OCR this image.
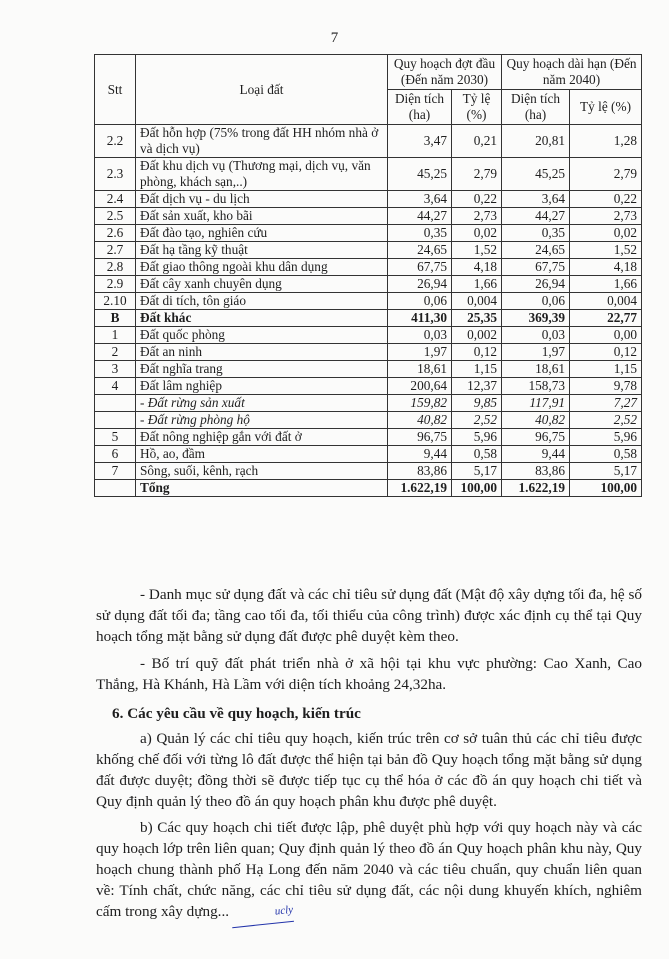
7
Stt	Loại đất	Quy hoạch đợt đầu (Đến năm 2030)		Quy hoạch dài hạn (Đến năm 2040)	
		Diện tích (ha)	Tỷ lệ (%)	Diện tích (ha)	Tỷ lệ (%)
2.2	Đất hỗn hợp (75% trong đất HH nhóm nhà ở và dịch vụ)	3,47	0,21	20,81	1,28
2.3	Đất khu dịch vụ (Thương mại, dịch vụ, văn phòng, khách sạn,..)	45,25	2,79	45,25	2,79
2.4	Đất dịch vụ - du lịch	3,64	0,22	3,64	0,22
2.5	Đất sản xuất, kho bãi	44,27	2,73	44,27	2,73
2.6	Đất đào tạo, nghiên cứu	0,35	0,02	0,35	0,02
2.7	Đất hạ tầng kỹ thuật	24,65	1,52	24,65	1,52
2.8	Đất giao thông ngoài khu dân dụng	67,75	4,18	67,75	4,18
2.9	Đất cây xanh chuyên dụng	26,94	1,66	26,94	1,66
2.10	Đất di tích, tôn giáo	0,06	0,004	0,06	0,004
B	Đất khác	411,30	25,35	369,39	22,77
1	Đất quốc phòng	0,03	0,002	0,03	0,00
2	Đất an ninh	1,97	0,12	1,97	0,12
3	Đất nghĩa trang	18,61	1,15	18,61	1,15
4	Đất lâm nghiệp	200,64	12,37	158,73	9,78
	- Đất rừng sản xuất	159,82	9,85	117,91	7,27
	- Đất rừng phòng hộ	40,82	2,52	40,82	2,52
5	Đất nông nghiệp gắn với đất ở	96,75	5,96	96,75	5,96
6	Hồ, ao, đầm	9,44	0,58	9,44	0,58
7	Sông, suối, kênh, rạch	83,86	5,17	83,86	5,17
	Tổng	1.622,19	100,00	1.622,19	100,00

- Danh mục sử dụng đất và các chỉ tiêu sử dụng đất (Mật độ xây dựng tối đa, hệ số sử dụng đất tối đa; tầng cao tối đa, tối thiểu của công trình) được xác định cụ thể tại Quy hoạch tổng mặt bằng sử dụng đất được phê duyệt kèm theo.

- Bố trí quỹ đất phát triển nhà ở xã hội tại khu vực phường: Cao Xanh, Cao Thắng, Hà Khánh, Hà Lầm với diện tích khoảng 24,32ha.

6. Các yêu cầu về quy hoạch, kiến trúc

a) Quản lý các chỉ tiêu quy hoạch, kiến trúc trên cơ sở tuân thủ các chỉ tiêu được khống chế đối với từng lô đất được thể hiện tại bản đồ Quy hoạch tổng mặt bằng sử dụng đất được duyệt; đồng thời sẽ được tiếp tục cụ thể hóa ở các đồ án quy hoạch chi tiết và Quy định quản lý theo đồ án quy hoạch phân khu được phê duyệt.

b) Các quy hoạch chi tiết được lập, phê duyệt phù hợp với quy hoạch này và các quy hoạch lớp trên liên quan; Quy định quản lý theo đồ án Quy hoạch phân khu này, Quy hoạch chung thành phố Hạ Long đến năm 2040 và các tiêu chuẩn, quy chuẩn liên quan về: Tính chất, chức năng, các chỉ tiêu sử dụng đất, các nội dung khuyến khích, nghiêm cấm trong xây dựng...	ucly
